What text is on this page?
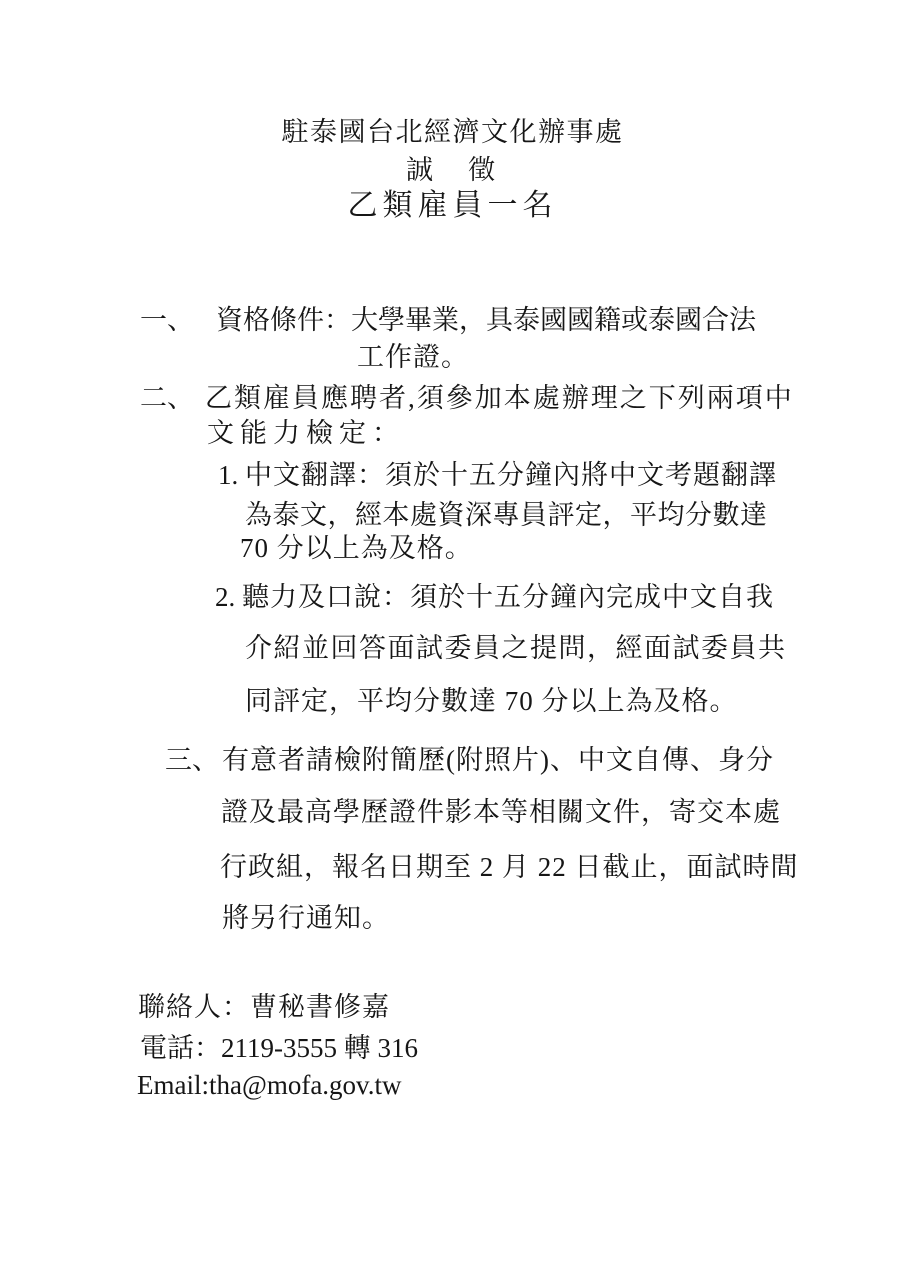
駐泰國台北經濟文化辦事處
誠　徵
乙類雇員一名
一、 資格條件：大學畢業，具泰國國籍或泰國合法
工作證。
二、 乙類雇員應聘者,須參加本處辦理之下列兩項中
文能力檢定：
1. 中文翻譯：須於十五分鐘內將中文考題翻譯
為泰文，經本處資深專員評定，平均分數達
70 分以上為及格。
2. 聽力及口說：須於十五分鐘內完成中文自我
介紹並回答面試委員之提問，經面試委員共
同評定，平均分數達 70 分以上為及格。
三、 有意者請檢附簡歷(附照片)、中文自傳、身分
證及最高學歷證件影本等相關文件，寄交本處
行政組，報名日期至 2 月 22 日截止，面試時間
將另行通知。
聯絡人：曹秘書修嘉
電話：2119-3555 轉 316
Email:tha@mofa.gov.tw
